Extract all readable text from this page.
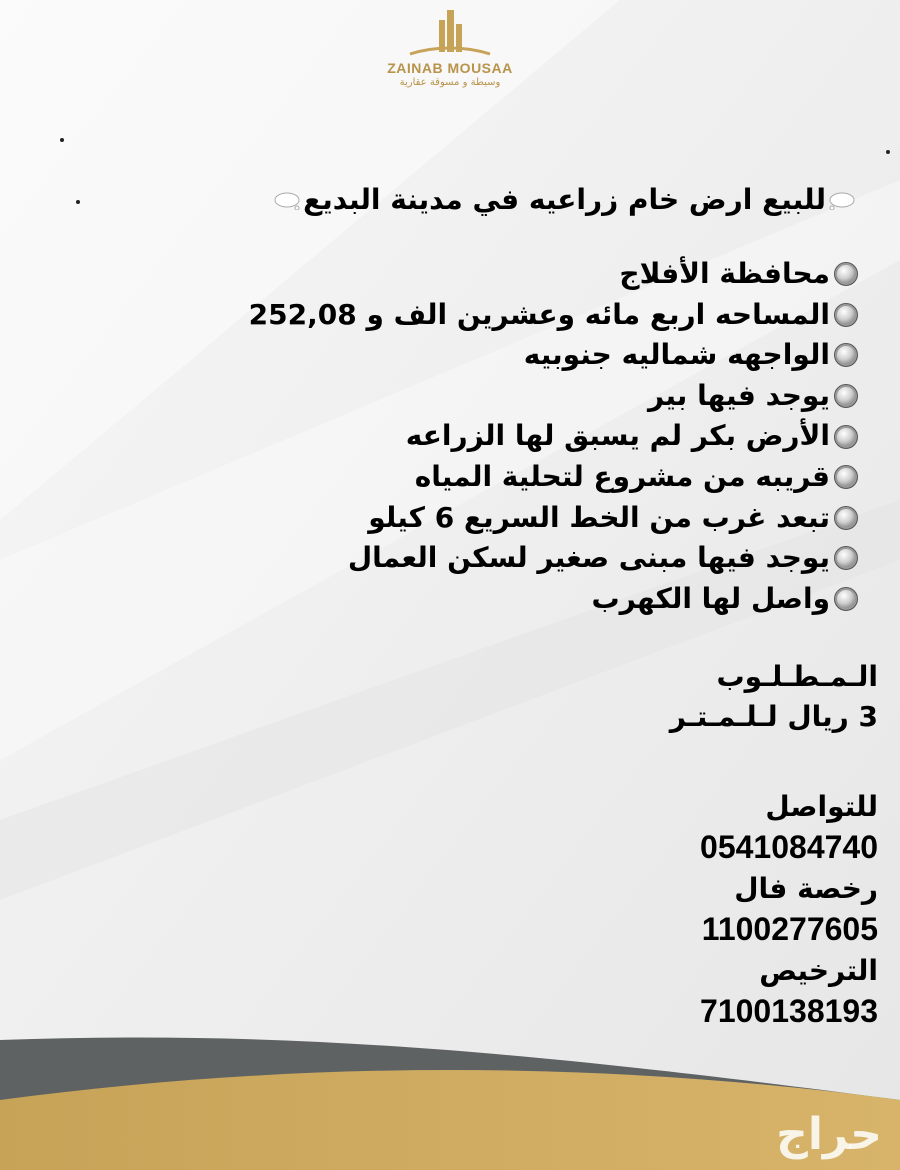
ZAINAB MOUSAA
وسيطة و مسوقة عقارية
للبيع ارض خام زراعيه في مدينة البديع
محافظة الأفلاج
المساحه اربع مائه وعشرين الف و 252,08
الواجهه شماليه جنوبيه
يوجد فيها بير
الأرض بكر لم يسبق لها الزراعه
قريبه من مشروع لتحلية المياه
تبعد غرب من الخط السريع 6 كيلو
يوجد فيها مبنى صغير لسكن العمال
واصل لها الكهرب
الـمـطـلـوب
3 ريال لـلـمـتـر
للتواصل
0541084740
رخصة فال
1100277605
الترخيص
7100138193
حراج
